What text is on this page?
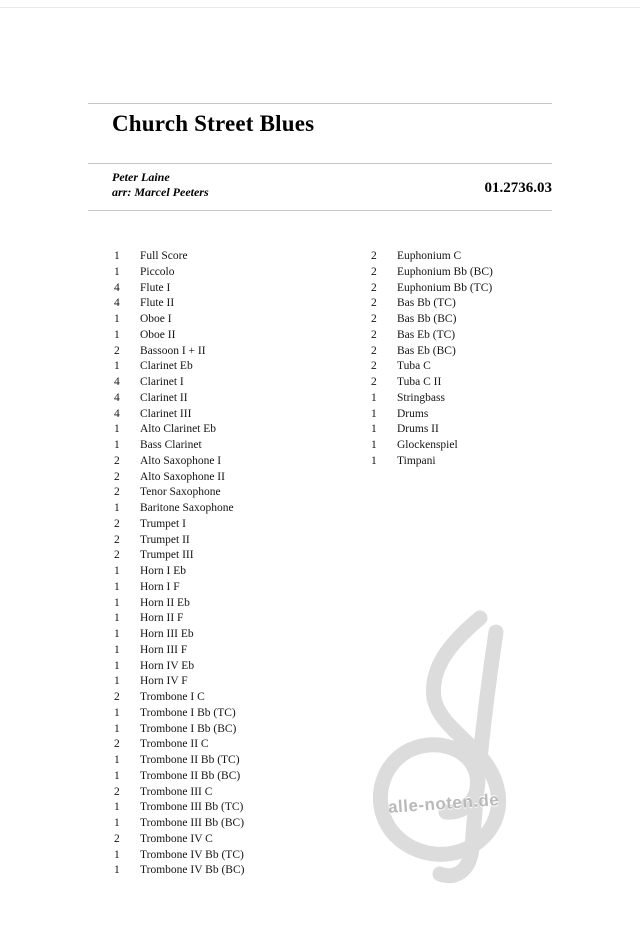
Church Street Blues
Peter Laine
arr: Marcel Peeters	01.2736.03
alle-noten.de
1	Full Score
1	Piccolo
4	Flute I
4	Flute II
1	Oboe I
1	Oboe II
2	Bassoon I + II
1	Clarinet Eb
4	Clarinet I
4	Clarinet II
4	Clarinet III
1	Alto Clarinet Eb
1	Bass Clarinet
2	Alto Saxophone I
2	Alto Saxophone II
2	Tenor Saxophone
1	Baritone Saxophone
2	Trumpet I
2	Trumpet II
2	Trumpet III
1	Horn I Eb
1	Horn I F
1	Horn II Eb
1	Horn II F
1	Horn III Eb
1	Horn III F
1	Horn IV Eb
1	Horn IV F
2	Trombone I C
1	Trombone I Bb (TC)
1	Trombone I Bb (BC)
2	Trombone II C
1	Trombone II Bb (TC)
1	Trombone II Bb (BC)
2	Trombone III C
1	Trombone III Bb (TC)
1	Trombone III Bb (BC)
2	Trombone IV C
1	Trombone IV Bb (TC)
1	Trombone IV Bb (BC)
2	Euphonium C
2	Euphonium Bb (BC)
2	Euphonium Bb (TC)
2	Bas Bb (TC)
2	Bas Bb (BC)
2	Bas Eb (TC)
2	Bas Eb (BC)
2	Tuba C
2	Tuba C II
1	Stringbass
1	Drums
1	Drums II
1	Glockenspiel
1	Timpani
